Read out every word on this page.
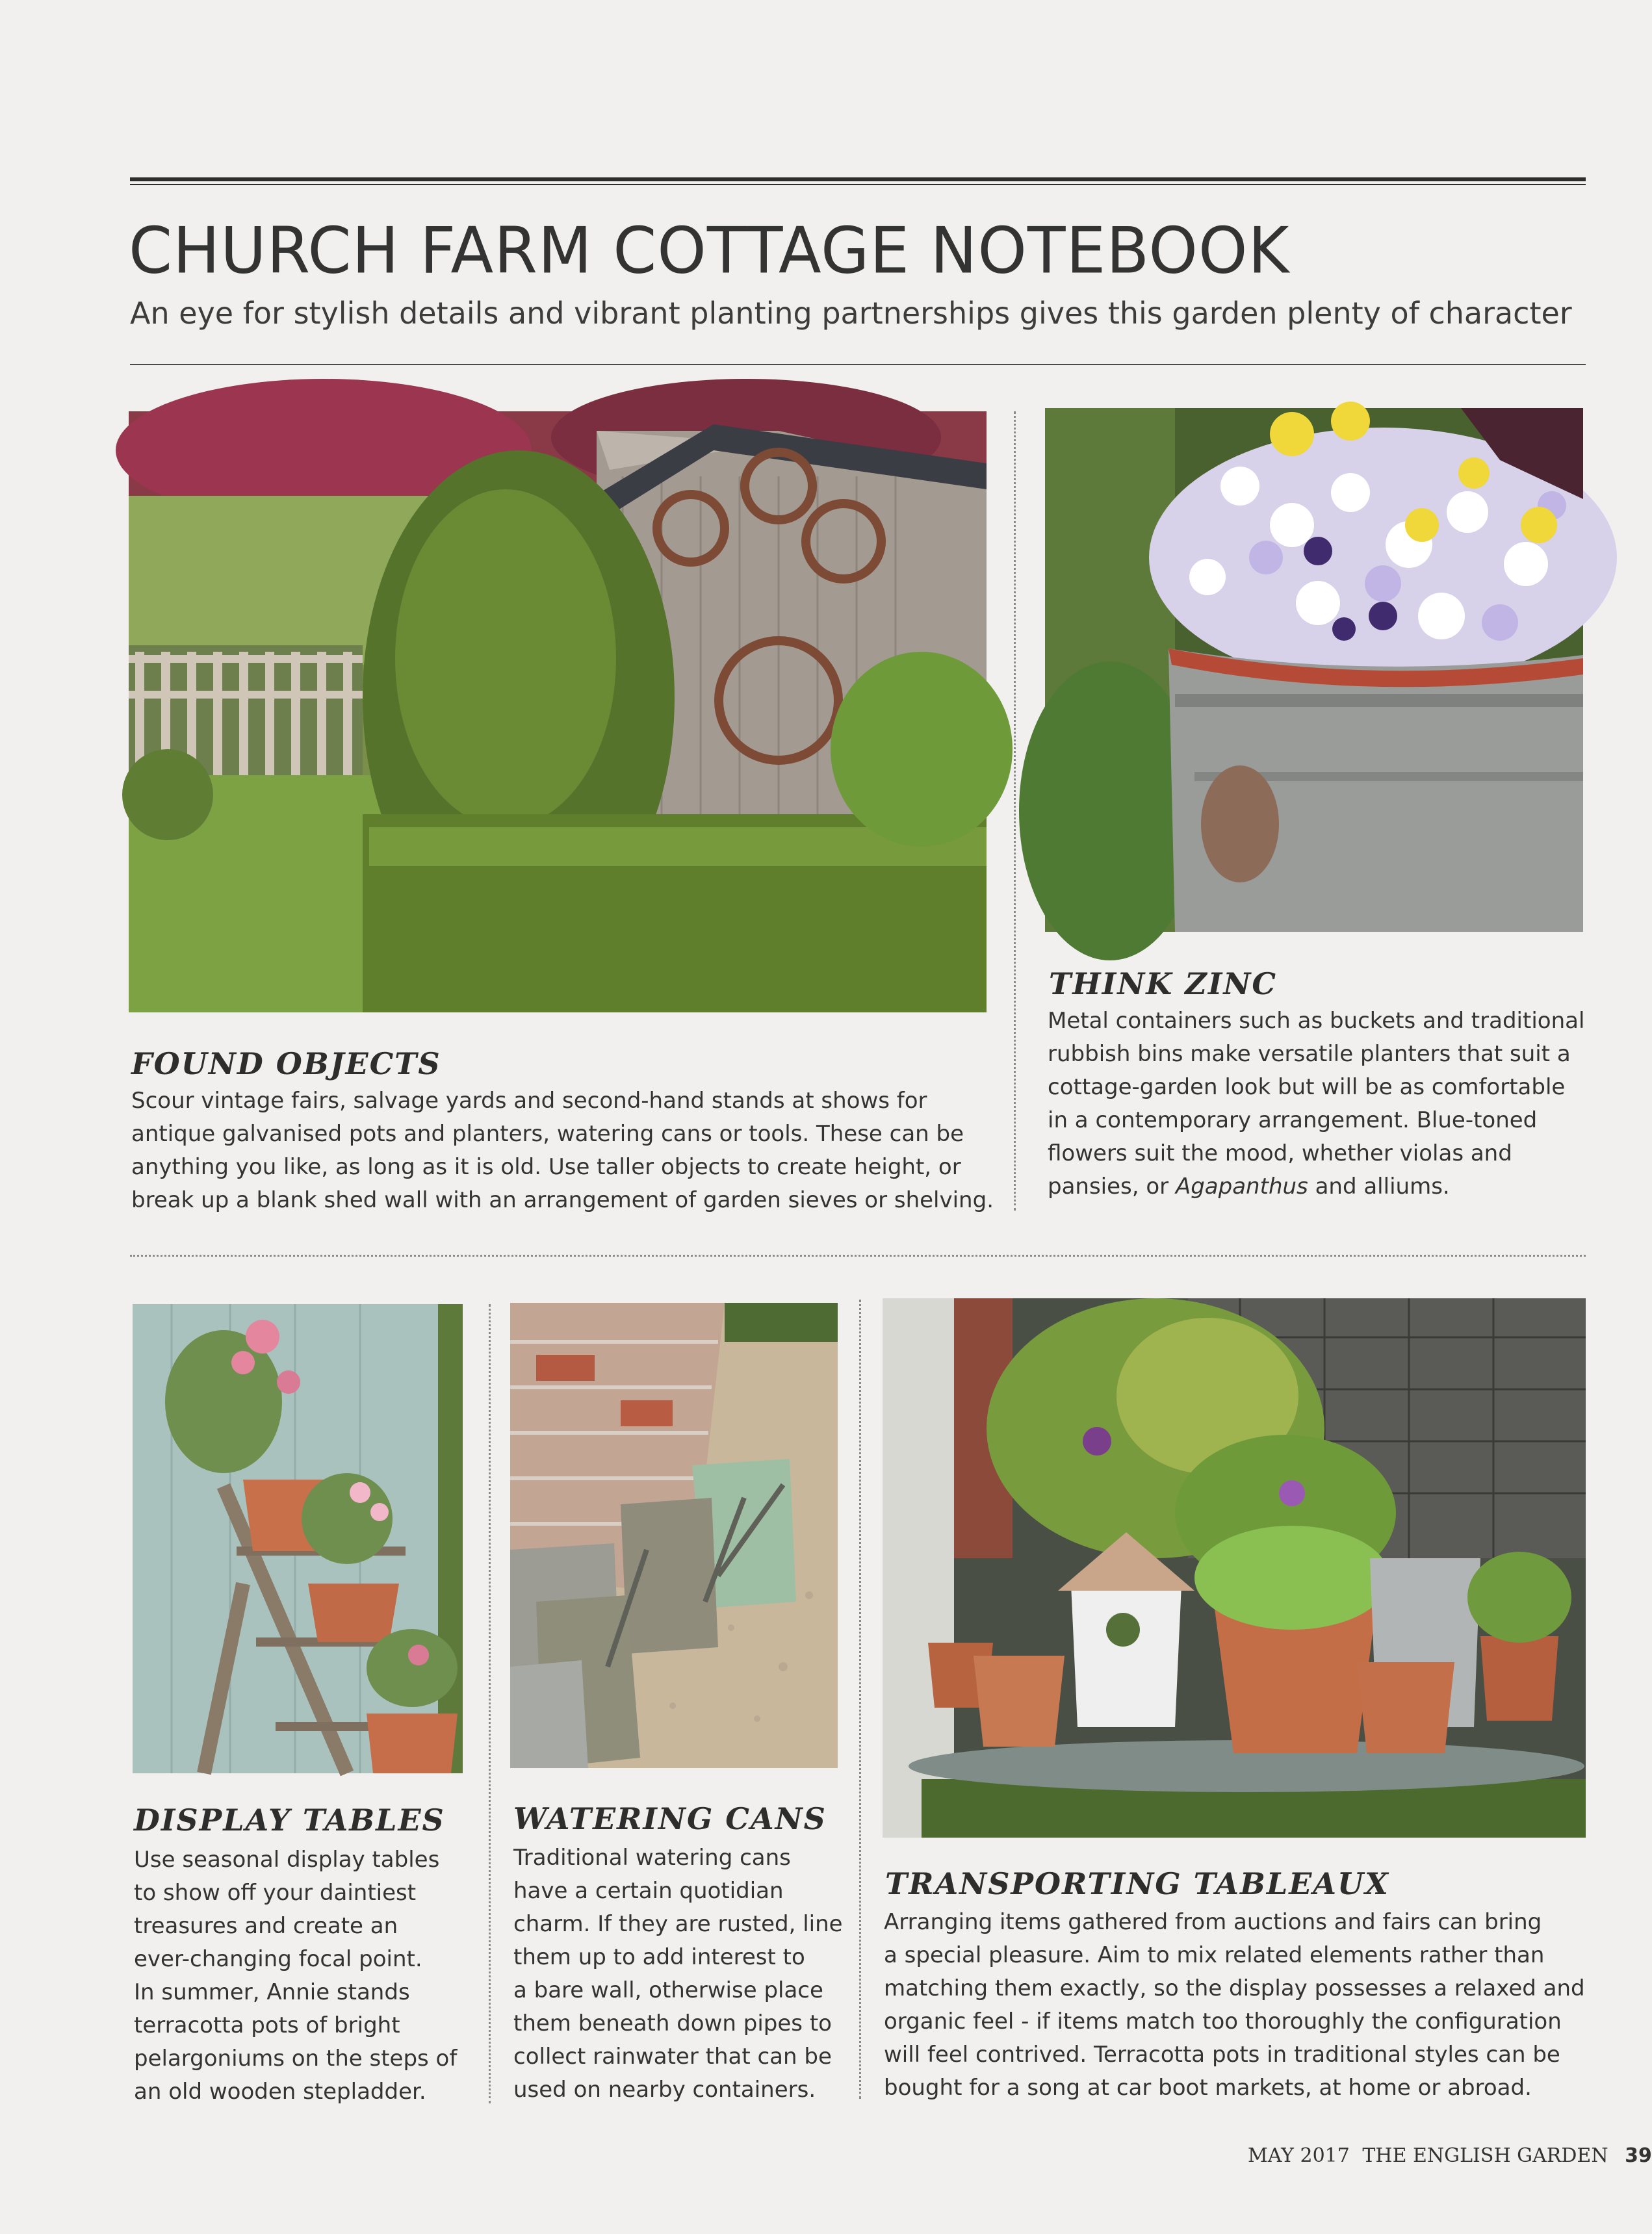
CHURCH FARM COTTAGE NOTEBOOK
An eye for stylish details and vibrant planting partnerships gives this garden plenty of character
THINK ZINC
Metal containers such as buckets and traditional
rubbish bins make versatile planters that suit a
cottage-garden look but will be as comfortable
in a contemporary arrangement. Blue-toned
flowers suit the mood, whether violas and
pansies, or Agapanthus and alliums.
FOUND OBJECTS
Scour vintage fairs, salvage yards and second-hand stands at shows for
antique galvanised pots and planters, watering cans or tools. These can be
anything you like, as long as it is old. Use taller objects to create height, or
break up a blank shed wall with an arrangement of garden sieves or shelving.
DISPLAY TABLES
Use seasonal display tables
to show off your daintiest
treasures and create an
ever-changing focal point.
In summer, Annie stands
terracotta pots of bright
pelargoniums on the steps of
an old wooden stepladder.
WATERING CANS
Traditional watering cans
have a certain quotidian
charm. If they are rusted, line
them up to add interest to
a bare wall, otherwise place
them beneath down pipes to
collect rainwater that can be
used on nearby containers.
TRANSPORTING TABLEAUX
Arranging items gathered from auctions and fairs can bring
a special pleasure. Aim to mix related elements rather than
matching them exactly, so the display possesses a relaxed and
organic feel - if items match too thoroughly the configuration
will feel contrived. Terracotta pots in traditional styles can be
bought for a song at car boot markets, at home or abroad.
MAY 2017 THE ENGLISH GARDEN 39
